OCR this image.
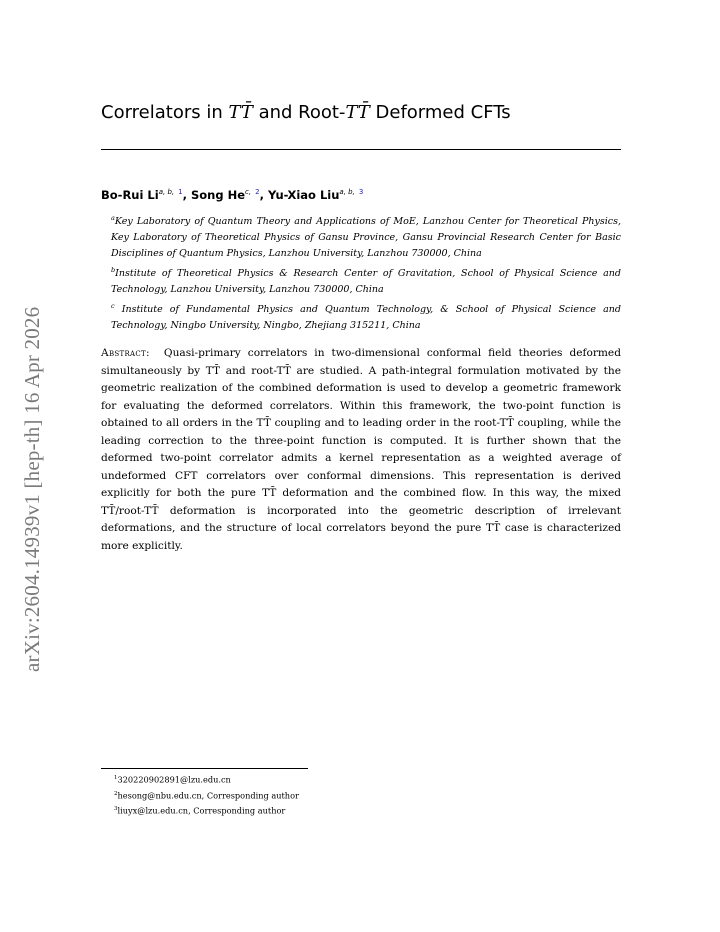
arXiv:2604.14939v1 [hep-th] 16 Apr 2026
Correlators in TT̄ and Root-TT̄ Deformed CFTs
Bo-Rui $Li^{a, b,}$ $^1$, Song $He^{c,}$ $^2$, Yu-Xiao Liu$^{a, b,}$ $^3$

$^a$Key Laboratory of Quantum Theory and Applications of MoE, Lanzhou Center for Theoretical Physics, Key Laboratory of Theoretical Physics of Gansu Province, Gansu Provincial Research Center for Basic Disciplines of Quantum Physics, Lanzhou University, Lanzhou 730000, China

$^b$Institute of Theoretical Physics & Research Center of Gravitation, School of Physical Science and Technology, Lanzhou University, Lanzhou 730000, China

$^c$ Institute of Fundamental Physics and Quantum Technology, & School of Physical Science and Technology, Ningbo University, Ningbo, Zhejiang 315211, China

Abstract: Quasi-primary correlators in two-dimensional conformal field theories deformed simultaneously by TT̄ and root-TT̄ are studied. A path-integral formulation motivated by the geometric realization of the combined deformation is used to develop a geometric framework for evaluating the deformed correlators. Within this framework, the two-point function is obtained to all orders in the TT̄ coupling and to leading order in the root-TT̄ coupling, while the leading correction to the three-point function is computed. It is further shown that the deformed two-point correlator admits a kernel representation as a weighted average of undeformed CFT correlators over conformal dimensions. This representation is derived explicitly for both the pure TT̄ deformation and the combined flow. In this way, the mixed TT̄/root-TT̄ deformation is incorporated into the geometric description of irrelevant deformations, and the structure of local correlators beyond the pure TT̄ case is characterized more explicitly.

$^1$320220902891@lzu.edu.cn
$^2$hesong@nbu.edu.cn, Corresponding author
$^3$liuyx@lzu.edu.cn, Corresponding author
